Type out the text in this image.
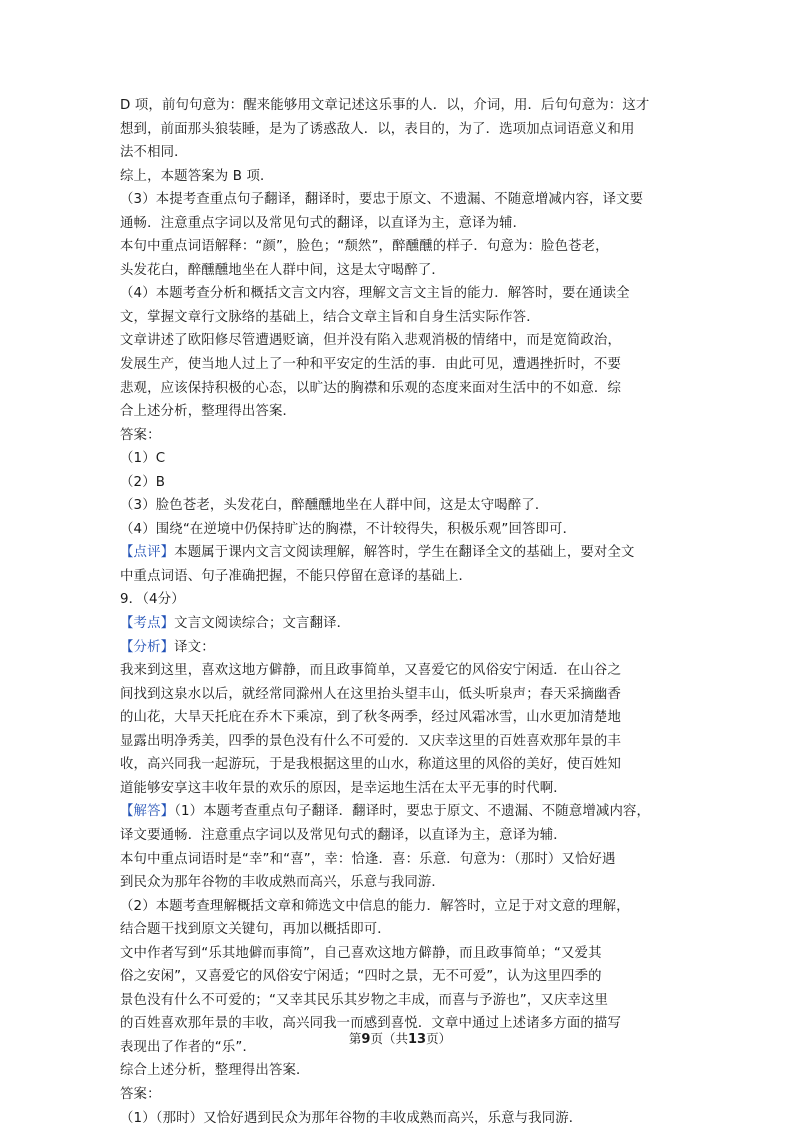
D 项，前句句意为：醒来能够用文章记述这乐事的人．以，介词，用．后句句意为：这才
想到，前面那头狼装睡，是为了诱惑敌人．以，表目的，为了．选项加点词语意义和用
法不相同．
综上，本题答案为 B 项．
（3）本提考查重点句子翻译，翻译时，要忠于原文、不遗漏、不随意增减内容，译文要
通畅．注意重点字词以及常见句式的翻译，以直译为主，意译为辅．
本句中重点词语解释：“颜”，脸色；“颓然”，醉醺醺的样子．句意为：脸色苍老，
头发花白，醉醺醺地坐在人群中间，这是太守喝醉了．
（4）本题考查分析和概括文言文内容，理解文言文主旨的能力．解答时，要在通读全
文，掌握文章行文脉络的基础上，结合文章主旨和自身生活实际作答．
文章讲述了欧阳修尽管遭遇贬谪，但并没有陷入悲观消极的情绪中，而是宽简政治，
发展生产，使当地人过上了一种和平安定的生活的事．由此可见，遭遇挫折时，不要
悲观，应该保持积极的心态，以旷达的胸襟和乐观的态度来面对生活中的不如意．综
合上述分析，整理得出答案．
答案：
（1）C
（2）B
（3）脸色苍老，头发花白，醉醺醺地坐在人群中间，这是太守喝醉了．
（4）围绕“在逆境中仍保持旷达的胸襟，不计较得失，积极乐观”回答即可．
【点评】本题属于课内文言文阅读理解，解答时，学生在翻译全文的基础上，要对全文
中重点词语、句子准确把握，不能只停留在意译的基础上．
9．（4分）
【考点】文言文阅读综合；文言翻译．
【分析】译文：
我来到这里，喜欢这地方僻静，而且政事简单，又喜爱它的风俗安宁闲适．在山谷之
间找到这泉水以后，就经常同滁州人在这里抬头望丰山，低头听泉声；春天采摘幽香
的山花，大旱天托庇在乔木下乘凉，到了秋冬两季，经过风霜冰雪，山水更加清楚地
显露出明净秀美，四季的景色没有什么不可爱的．又庆幸这里的百姓喜欢那年景的丰
收，高兴同我一起游玩，于是我根据这里的山水，称道这里的风俗的美好，使百姓知
道能够安享这丰收年景的欢乐的原因，是幸运地生活在太平无事的时代啊．
【解答】（1）本题考查重点句子翻译．翻译时，要忠于原文、不遗漏、不随意增减内容，
译文要通畅．注意重点字词以及常见句式的翻译，以直译为主，意译为辅．
本句中重点词语时是“幸”和“喜”，幸：恰逢．喜：乐意．句意为：（那时）又恰好遇
到民众为那年谷物的丰收成熟而高兴，乐意与我同游．
（2）本题考查理解概括文章和筛选文中信息的能力．解答时，立足于对文意的理解，
结合题干找到原文关键句，再加以概括即可．
文中作者写到“乐其地僻而事简”，自己喜欢这地方僻静，而且政事简单；“又爱其
俗之安闲”，又喜爱它的风俗安宁闲适；“四时之景，无不可爱”，认为这里四季的
景色没有什么不可爱的；“又幸其民乐其岁物之丰成，而喜与予游也”，又庆幸这里
的百姓喜欢那年景的丰收，高兴同我一而感到喜悦．文章中通过上述诸多方面的描写
表现出了作者的“乐”．
综合上述分析，整理得出答案．
答案：
（1）（那时）又恰好遇到民众为那年谷物的丰收成熟而高兴，乐意与我同游．
第9页（共13页）
